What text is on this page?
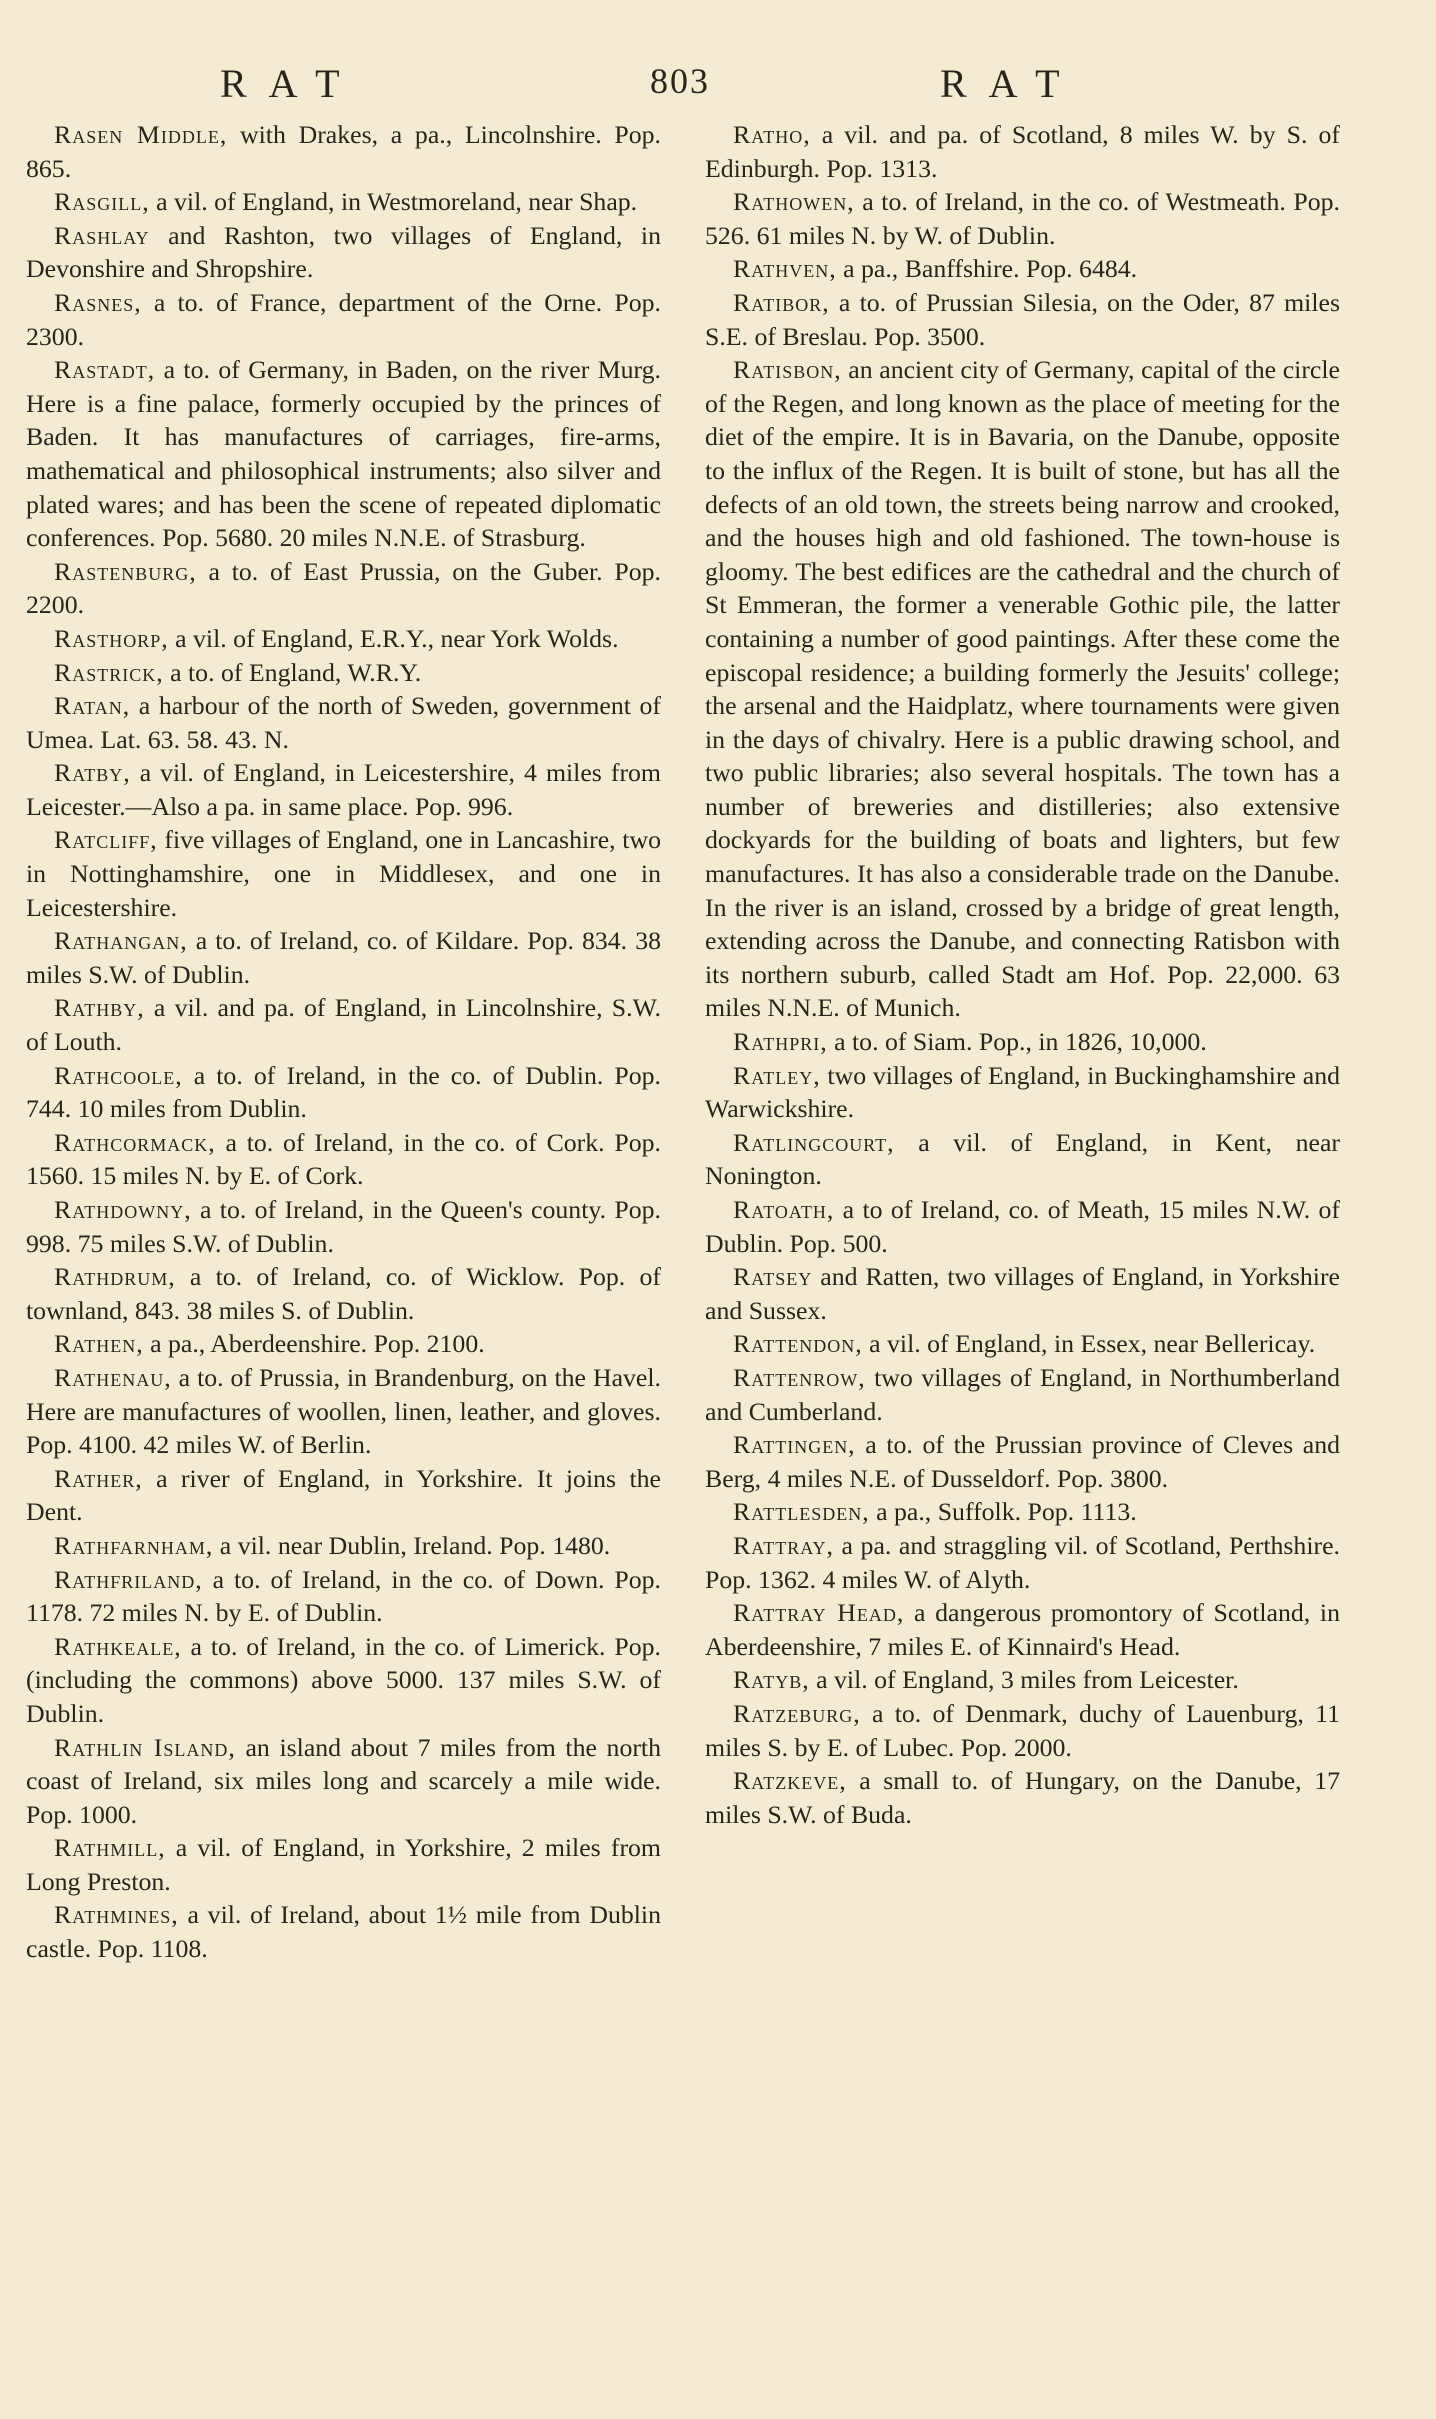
RAT	803	RAT

Rasen Middle, with Drakes, a pa., Lincolnshire. Pop. 865.

Rasgill, a vil. of England, in Westmoreland, near Shap.

Rashlay and Rashton, two villages of England, in Devonshire and Shropshire.

Rasnes, a to. of France, department of the Orne. Pop. 2300.

Rastadt, a to. of Germany, in Baden, on the river Murg. Here is a fine palace, formerly occupied by the princes of Baden. It has manufactures of carriages, fire-arms, mathematical and philosophical instruments; also silver and plated wares; and has been the scene of repeated diplomatic conferences. Pop. 5680. 20 miles N.N.E. of Strasburg.

Rastenburg, a to. of East Prussia, on the Guber. Pop. 2200.

Rasthorp, a vil. of England, E.R.Y., near York Wolds.

Rastrick, a to. of England, W.R.Y.

Ratan, a harbour of the north of Sweden, government of Umea. Lat. 63. 58. 43. N.

Ratby, a vil. of England, in Leicestershire, 4 miles from Leicester.—Also a pa. in same place. Pop. 996.

Ratcliff, five villages of England, one in Lancashire, two in Nottinghamshire, one in Middlesex, and one in Leicestershire.

Rathangan, a to. of Ireland, co. of Kildare. Pop. 834. 38 miles S.W. of Dublin.

Rathby, a vil. and pa. of England, in Lincolnshire, S.W. of Louth.

Rathcoole, a to. of Ireland, in the co. of Dublin. Pop. 744. 10 miles from Dublin.

Rathcormack, a to. of Ireland, in the co. of Cork. Pop. 1560. 15 miles N. by E. of Cork.

Rathdowny, a to. of Ireland, in the Queen's county. Pop. 998. 75 miles S.W. of Dublin.

Rathdrum, a to. of Ireland, co. of Wicklow. Pop. of townland, 843. 38 miles S. of Dublin.

Rathen, a pa., Aberdeenshire. Pop. 2100.

Rathenau, a to. of Prussia, in Brandenburg, on the Havel. Here are manufactures of woollen, linen, leather, and gloves. Pop. 4100. 42 miles W. of Berlin.

Rather, a river of England, in Yorkshire. It joins the Dent.

Rathfarnham, a vil. near Dublin, Ireland. Pop. 1480.

Rathfriland, a to. of Ireland, in the co. of Down. Pop. 1178. 72 miles N. by E. of Dublin.

Rathkeale, a to. of Ireland, in the co. of Limerick. Pop. (including the commons) above 5000. 137 miles S.W. of Dublin.

Rathlin Island, an island about 7 miles from the north coast of Ireland, six miles long and scarcely a mile wide. Pop. 1000.

Rathmill, a vil. of England, in Yorkshire, 2 miles from Long Preston.

Rathmines, a vil. of Ireland, about 1½ mile from Dublin castle. Pop. 1108.

Ratho, a vil. and pa. of Scotland, 8 miles W. by S. of Edinburgh. Pop. 1313.

Rathowen, a to. of Ireland, in the co. of Westmeath. Pop. 526. 61 miles N. by W. of Dublin.

Rathven, a pa., Banffshire. Pop. 6484.

Ratibor, a to. of Prussian Silesia, on the Oder, 87 miles S.E. of Breslau. Pop. 3500.

Ratisbon, an ancient city of Germany, capital of the circle of the Regen, and long known as the place of meeting for the diet of the empire. It is in Bavaria, on the Danube, opposite to the influx of the Regen. It is built of stone, but has all the defects of an old town, the streets being narrow and crooked, and the houses high and old fashioned. The town-house is gloomy. The best edifices are the cathedral and the church of St Emmeran, the former a venerable Gothic pile, the latter containing a number of good paintings. After these come the episcopal residence; a building formerly the Jesuits' college; the arsenal and the Haidplatz, where tournaments were given in the days of chivalry. Here is a public drawing school, and two public libraries; also several hospitals. The town has a number of breweries and distilleries; also extensive dockyards for the building of boats and lighters, but few manufactures. It has also a considerable trade on the Danube. In the river is an island, crossed by a bridge of great length, extending across the Danube, and connecting Ratisbon with its northern suburb, called Stadt am Hof. Pop. 22,000. 63 miles N.N.E. of Munich.

Rathpri, a to. of Siam. Pop., in 1826, 10,000.

Ratley, two villages of England, in Buckinghamshire and Warwickshire.

Ratlingcourt, a vil. of England, in Kent, near Nonington.

Ratoath, a to of Ireland, co. of Meath, 15 miles N.W. of Dublin. Pop. 500.

Ratsey and Ratten, two villages of England, in Yorkshire and Sussex.

Rattendon, a vil. of England, in Essex, near Bellericay.

Rattenrow, two villages of England, in Northumberland and Cumberland.

Rattingen, a to. of the Prussian province of Cleves and Berg, 4 miles N.E. of Dusseldorf. Pop. 3800.

Rattlesden, a pa., Suffolk. Pop. 1113.

Rattray, a pa. and straggling vil. of Scotland, Perthshire. Pop. 1362. 4 miles W. of Alyth.

Rattray Head, a dangerous promontory of Scotland, in Aberdeenshire, 7 miles E. of Kinnaird's Head.

Ratyb, a vil. of England, 3 miles from Leicester.

Ratzeburg, a to. of Denmark, duchy of Lauenburg, 11 miles S. by E. of Lubec. Pop. 2000.

Ratzkeve, a small to. of Hungary, on the Danube, 17 miles S.W. of Buda.
